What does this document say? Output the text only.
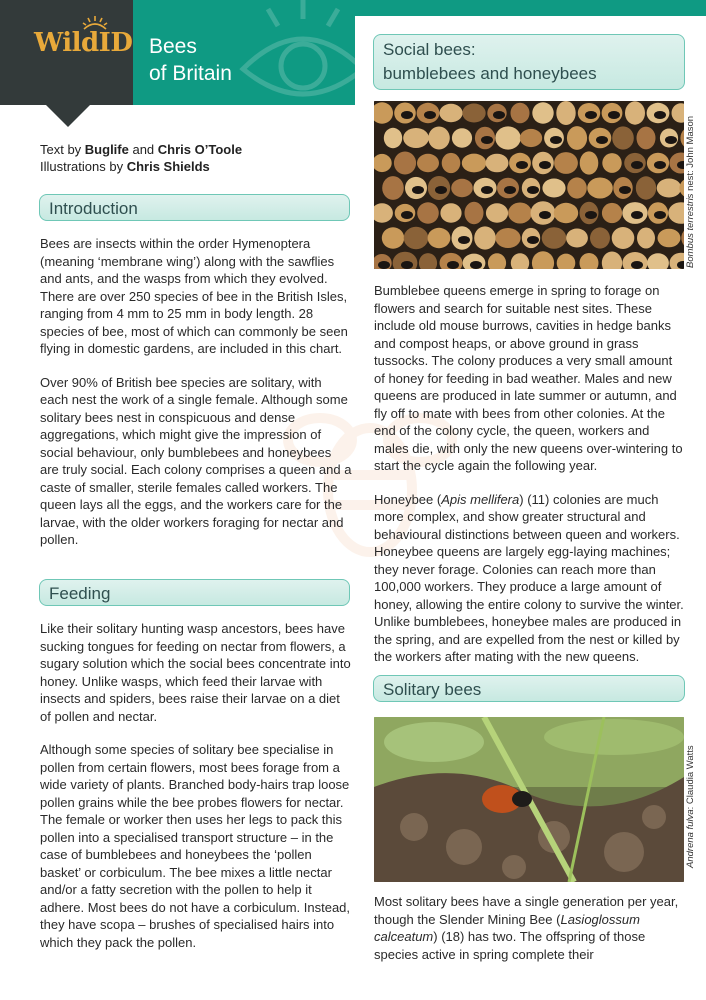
WildID Bees
of Britain
Text by Buglife and Chris O’Toole
Illustrations by Chris Shields
Introduction

Bees are insects within the order Hymenoptera (meaning ‘membrane wing’) along with the sawflies and ants, and the wasps from which they evolved. There are over 250 species of bee in the British Isles, ranging from 4 mm to 25 mm in body length. 28 species of bee, most of which can commonly be seen flying in domestic gardens, are included in this chart.

Over 90% of British bee species are solitary, with each nest the work of a single female. Although some solitary bees nest in conspicuous and dense aggregations, which might give the impression of social behaviour, only bumblebees and honeybees are truly social. Each colony comprises a queen and a caste of smaller, sterile females called workers. The queen lays all the eggs, and the workers care for the larvae, with the older workers foraging for nectar and pollen.

Feeding

Like their solitary hunting wasp ancestors, bees have sucking tongues for feeding on nectar from flowers, a sugary solution which the social bees concentrate into honey. Unlike wasps, which feed their larvae with insects and spiders, bees raise their larvae on a diet of pollen and nectar.

Although some species of solitary bee specialise in pollen from certain flowers, most bees forage from a wide variety of plants. Branched body-hairs trap loose pollen grains while the bee probes flowers for nectar. The female or worker then uses her legs to pack this pollen into a specialised transport structure – in the case of bumblebees and honeybees the ‘pollen basket’ or corbiculum. The bee mixes a little nectar and/or a fatty secretion with the pollen to help it adhere. Most bees do not have a corbiculum. Instead, they have scopa – brushes of specialised hairs into which they pack the pollen.

Social bees:
bumblebees and honeybees
Bombus terrestris nest: John Mason

Bumblebee queens emerge in spring to forage on flowers and search for suitable nest sites. These include old mouse burrows, cavities in hedge banks and compost heaps, or above ground in grass tussocks. The colony produces a very small amount of honey for feeding in bad weather. Males and new queens are produced in late summer or autumn, and fly off to mate with bees from other colonies. At the end of the colony cycle, the queen, workers and males die, with only the new queens over-wintering to start the cycle again the following year.

Honeybee (Apis mellifera) (11) colonies are much more complex, and show greater structural and behavioural distinctions between queen and workers. Honeybee queens are largely egg-laying machines; they never forage. Colonies can reach more than 100,000 workers. They produce a large amount of honey, allowing the entire colony to survive the winter. Unlike bumblebees, honeybee males are produced in the spring, and are expelled from the nest or killed by the workers after mating with the new queens.

Solitary bees
Andrena fulva: Claudia Watts

Most solitary bees have a single generation per year, though the Slender Mining Bee (Lasioglossum calceatum) (18) has two. The offspring of those species active in spring complete their
